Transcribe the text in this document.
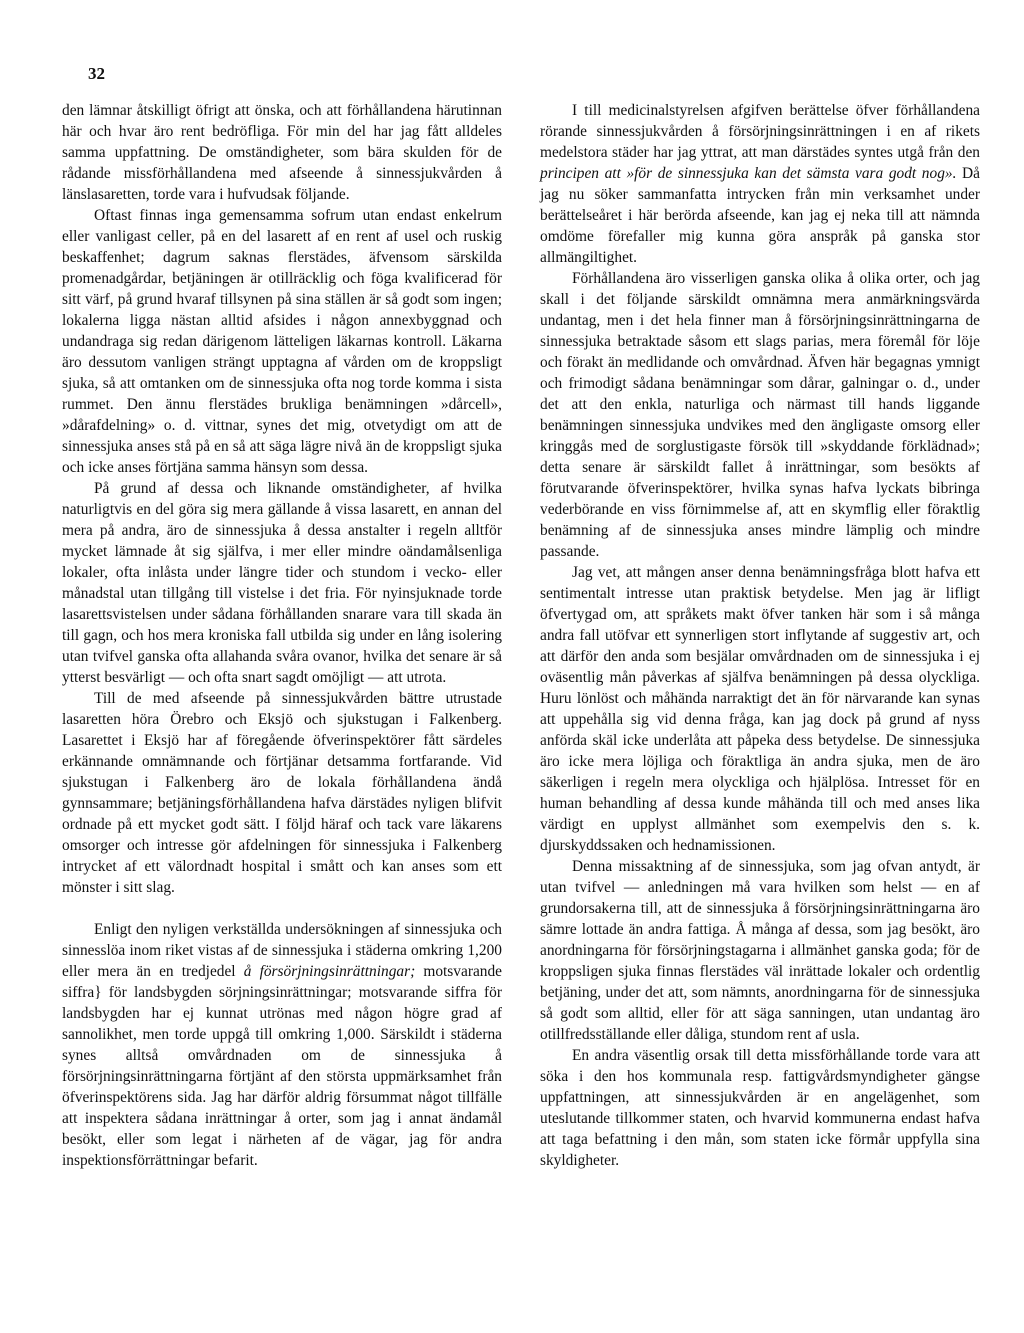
32

den lämnar åtskilligt öfrigt att önska, och att förhållandena härutinnan här och hvar äro rent bedröfliga. För min del har jag fått alldeles samma uppfattning. De omständigheter, som bära skulden för de rådande missförhållandena med afseende å sinnessjukvården å länslasaretten, torde vara i hufvudsak följande.

Oftast finnas inga gemensamma sofrum utan endast enkelrum eller vanligast celler, på en del lasarett af en rent af usel och ruskig beskaffenhet; dagrum saknas flerstädes, äfvensom särskilda promenadgårdar, betjäningen är otillräcklig och föga kvalificerad för sitt värf, på grund hvaraf tillsynen på sina ställen är så godt som ingen; lokalerna ligga nästan alltid afsides i någon annexbyggnad och undandraga sig redan därigenom lätteligen läkarnas kontroll. Läkarna äro dessutom vanligen strängt upptagna af vården om de kroppsligt sjuka, så att omtanken om de sinnessjuka ofta nog torde komma i sista rummet. Den ännu flerstädes brukliga benämningen »dårcell», »dårafdelning» o. d. vittnar, synes det mig, otvetydigt om att de sinnessjuka anses stå på en så att säga lägre nivå än de kroppsligt sjuka och icke anses förtjäna samma hänsyn som dessa.

På grund af dessa och liknande omständigheter, af hvilka naturligtvis en del göra sig mera gällande å vissa lasarett, en annan del mera på andra, äro de sinnessjuka å dessa anstalter i regeln alltför mycket lämnade åt sig själfva, i mer eller mindre oändamålsenliga lokaler, ofta inlåsta under längre tider och stundom i vecko- eller månadstal utan tillgång till vistelse i det fria. För nyinsjuknade torde lasarettsvistelsen under sådana förhållanden snarare vara till skada än till gagn, och hos mera kroniska fall utbilda sig under en lång isolering utan tvifvel ganska ofta allahanda svåra ovanor, hvilka det senare är så ytterst besvärligt — och ofta snart sagdt omöjligt — att utrota.

Till de med afseende på sinnessjukvården bättre utrustade lasaretten höra Örebro och Eksjö och sjukstugan i Falkenberg. Lasarettet i Eksjö har af föregående öfverinspektörer fått särdeles erkännande omnämnande och förtjänar detsamma fortfarande. Vid sjukstugan i Falkenberg äro de lokala förhållandena ändå gynnsammare; betjäningsförhållandena hafva därstädes nyligen blifvit ordnade på ett mycket godt sätt. I följd häraf och tack vare läkarens omsorger och intresse gör afdelningen för sinnessjuka i Falkenberg intrycket af ett välordnadt hospital i smått och kan anses som ett mönster i sitt slag.

Enligt den nyligen verkställda undersökningen af sinnessjuka och sinnesslöa inom riket vistas af de sinnessjuka i städerna omkring 1,200 eller mera än en tredjedel å försörjningsinrättningar; motsvarande siffra} för landsbygden sörjningsinrättningar; motsvarande siffra för landsbygden har ej kunnat utrönas med någon högre grad af sannolikhet, men torde uppgå till omkring 1,000. Särskildt i städerna synes alltså omvårdnaden om de sinnessjuka å försörjningsinrättningarna förtjänt af den största uppmärksamhet från öfverinspektörens sida. Jag har därför aldrig försummat något tillfälle att inspektera sådana inrättningar å orter, som jag i annat ändamål besökt, eller som legat i närheten af de vägar, jag för andra inspektionsförrättningar befarit.

I till medicinalstyrelsen afgifven berättelse öfver förhållandena rörande sinnessjukvården å försörjningsinrättningen i en af rikets medelstora städer har jag yttrat, att man därstädes syntes utgå från den principen att »för de sinnessjuka kan det sämsta vara godt nog». Då jag nu söker sammanfatta intrycken från min verksamhet under berättelseåret i här berörda afseende, kan jag ej neka till att nämnda omdöme förefaller mig kunna göra anspråk på ganska stor allmängiltighet.

Förhållandena äro visserligen ganska olika å olika orter, och jag skall i det följande särskildt omnämna mera anmärkningsvärda undantag, men i det hela finner man å försörjningsinrättningarna de sinnessjuka betraktade såsom ett slags parias, mera föremål för löje och förakt än medlidande och omvårdnad. Äfven här begagnas ymnigt och frimodigt sådana benämningar som dårar, galningar o. d., under det att den enkla, naturliga och närmast till hands liggande benämningen sinnessjuka undvikes med den ängligaste omsorg eller kringgås med de sorglustigaste försök till »skyddande förklädnad»; detta senare är särskildt fallet å inrättningar, som besökts af förutvarande öfverinspektörer, hvilka synas hafva lyckats bibringa vederbörande en viss förnimmelse af, att en skymflig eller föraktlig benämning af de sinnessjuka anses mindre lämplig och mindre passande.

Jag vet, att mången anser denna benämningsfråga blott hafva ett sentimentalt intresse utan praktisk betydelse. Men jag är lifligt öfvertygad om, att språkets makt öfver tanken här som i så många andra fall utöfvar ett synnerligen stort inflytande af suggestiv art, och att därför den anda som besjälar omvårdnaden om de sinnessjuka i ej oväsentlig mån påverkas af själfva benämningen på dessa olyckliga. Huru lönlöst och måhända narraktigt det än för närvarande kan synas att uppehålla sig vid denna fråga, kan jag dock på grund af nyss anförda skäl icke underlåta att påpeka dess betydelse. De sinnessjuka äro icke mera löjliga och föraktliga än andra sjuka, men de äro säkerligen i regeln mera olyckliga och hjälplösa. Intresset för en human behandling af dessa kunde måhända till och med anses lika värdigt en upplyst allmänhet som exempelvis den s. k. djurskyddssaken och hednamissionen.

Denna missaktning af de sinnessjuka, som jag ofvan antydt, är utan tvifvel — anledningen må vara hvilken som helst — en af grundorsakerna till, att de sinnessjuka å försörjningsinrättningarna äro sämre lottade än andra fattiga. Å många af dessa, som jag besökt, äro anordningarna för försörjningstagarna i allmänhet ganska goda; för de kroppsligen sjuka finnas flerstädes väl inrättade lokaler och ordentlig betjäning, under det att, som nämnts, anordningarna för de sinnessjuka så godt som alltid, eller för att säga sanningen, utan undantag äro otillfredsställande eller dåliga, stundom rent af usla.

En andra väsentlig orsak till detta missförhållande torde vara att söka i den hos kommunala resp. fattigvårdsmyndigheter gängse uppfattningen, att sinnessjukvården är en angelägenhet, som uteslutande tillkommer staten, och hvarvid kommunerna endast hafva att taga befattning i den mån, som staten icke förmår uppfylla sina skyldigheter.
